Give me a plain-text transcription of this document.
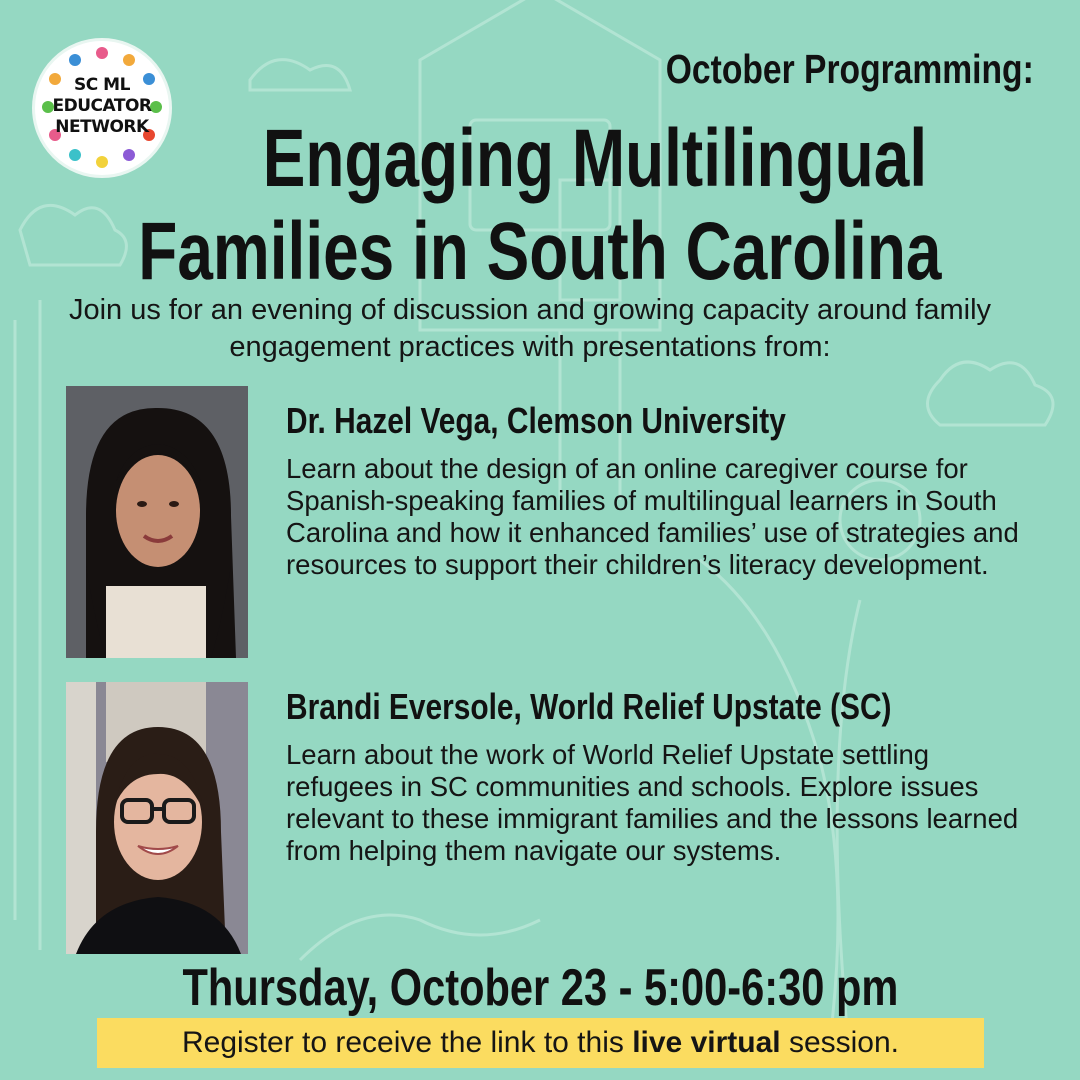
SC ML
EDUCATOR
NETWORK
October Programming:
Engaging Multilingual
Families in South Carolina
Join us for an evening of discussion and growing capacity around family engagement practices with presentations from:
Dr. Hazel Vega, Clemson University
Learn about the design of an online caregiver course for Spanish-speaking families of multilingual learners in South Carolina and how it enhanced families’ use of strategies and resources to support their children’s literacy development.
Brandi Eversole, World Relief Upstate (SC)
Learn about the work of World Relief Upstate settling refugees in SC communities and schools. Explore issues relevant to these immigrant families and the lessons learned from helping them navigate our systems.
Thursday, October 23 - 5:00-6:30 pm
Register to receive the link to this live virtual session.
